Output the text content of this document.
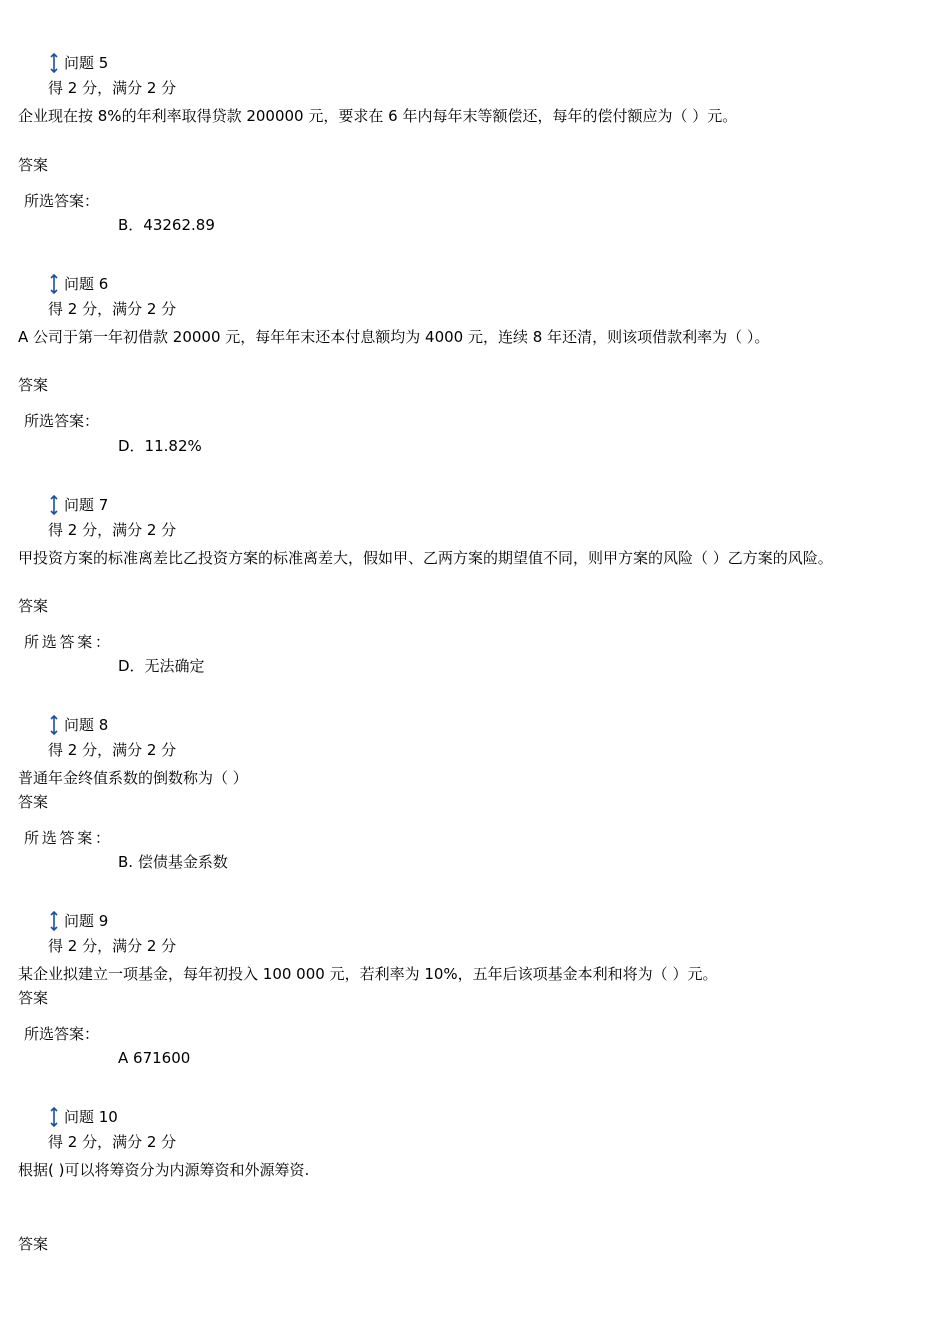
问题 5
得 2 分，满分 2 分
企业现在按 8%的年利率取得贷款 200000 元，要求在 6 年内每年末等额偿还，每年的偿付额应为（ ）元。
答案
所选答案：
B．43262.89
问题 6
得 2 分，满分 2 分
A 公司于第一年初借款 20000 元，每年年末还本付息额均为 4000 元，连续 8 年还清，则该项借款利率为（ ）。
答案
所选答案：
D．11.82%
问题 7
得 2 分，满分 2 分
甲投资方案的标准离差比乙投资方案的标准离差大，假如甲、乙两方案的期望值不同，则甲方案的风险（ ）乙方案的风险。
答案
所选答案：
D．无法确定
问题 8
得 2 分，满分 2 分
普通年金终值系数的倒数称为（ ）
答案
所选答案：
B. 偿债基金系数
问题 9
得 2 分，满分 2 分
某企业拟建立一项基金，每年初投入 100 000 元，若利率为 10%，五年后该项基金本利和将为（ ）元。
答案
所选答案：
A 671600
问题 10
得 2 分，满分 2 分
根据( )可以将筹资分为内源筹资和外源筹资.
答案
